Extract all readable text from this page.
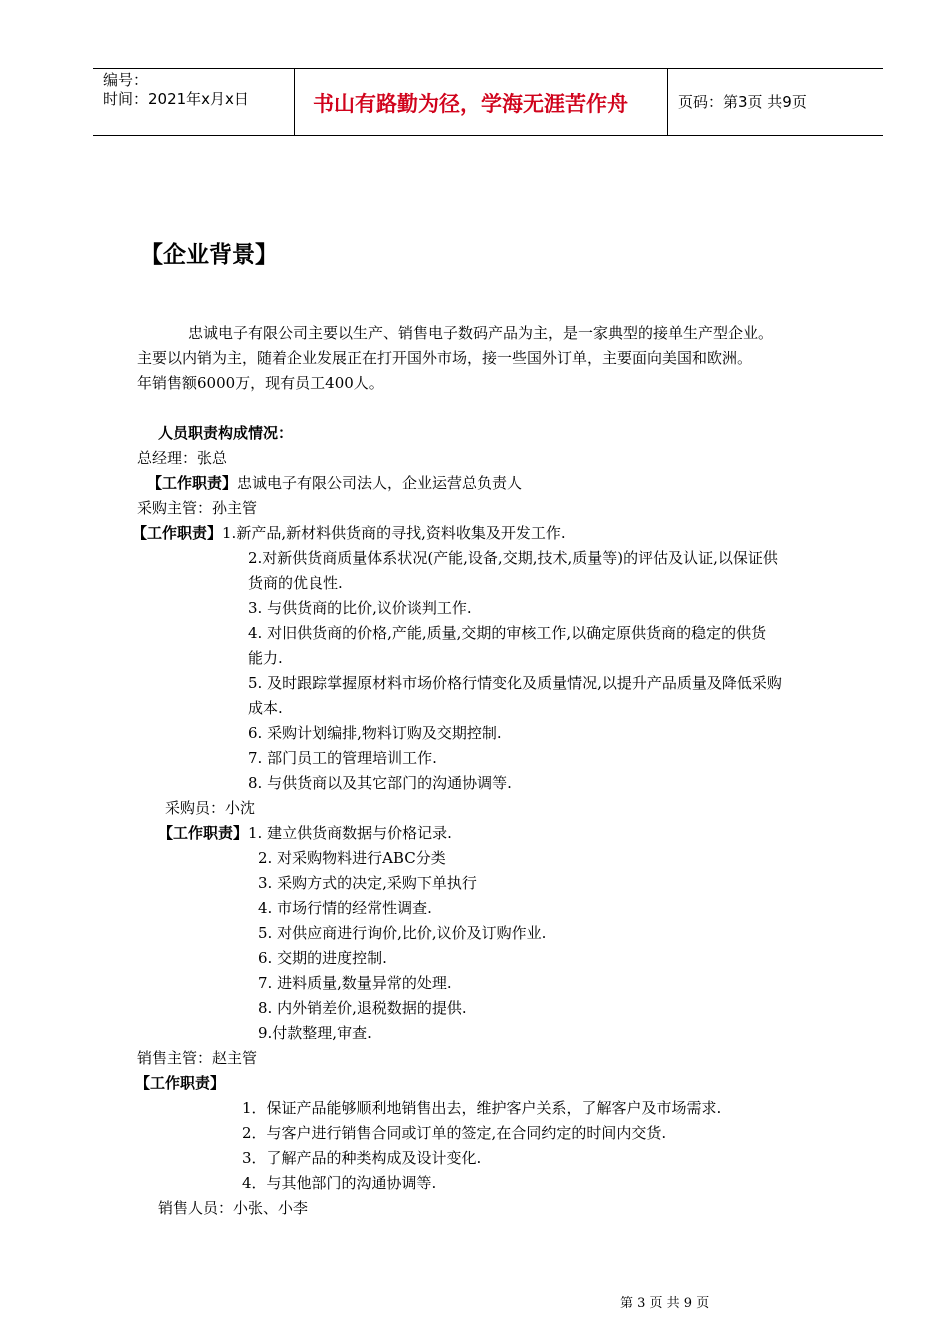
编号：
时间：2021年x月x日	书山有路勤为径，学海无涯苦作舟	页码：第3页 共9页
【企业背景】
忠诚电子有限公司主要以生产、销售电子数码产品为主，是一家典型的接单生产型企业。
主要以内销为主，随着企业发展正在打开国外市场，接一些国外订单，主要面向美国和欧洲。
年销售额6000万，现有员工400人。
人员职责构成情况：
总经理：张总
【工作职责】忠诚电子有限公司法人，企业运营总负责人
采购主管：孙主管
【工作职责】1.新产品,新材料供货商的寻找,资料收集及开发工作.
2.对新供货商质量体系状况(产能,设备,交期,技术,质量等)的评估及认证,以保证供
货商的优良性.
3. 与供货商的比价,议价谈判工作.
4. 对旧供货商的价格,产能,质量,交期的审核工作,以确定原供货商的稳定的供货
能力.
5. 及时跟踪掌握原材料市场价格行情变化及质量情况,以提升产品质量及降低采购
成本.
6. 采购计划编排,物料订购及交期控制.
7. 部门员工的管理培训工作.
8. 与供货商以及其它部门的沟通协调等.
采购员：小沈
【工作职责】1. 建立供货商数据与价格记录.
2. 对采购物料进行ABC分类
3. 采购方式的决定,采购下单执行
4. 市场行情的经常性调查.
5. 对供应商进行询价,比价,议价及订购作业.
6. 交期的进度控制.
7. 进料质量,数量异常的处理.
8. 内外销差价,退税数据的提供.
9.付款整理,审查.
销售主管：赵主管
【工作职责】
1．保证产品能够顺利地销售出去，维护客户关系，了解客户及市场需求.
2．与客户进行销售合同或订单的签定,在合同约定的时间内交货.
3．了解产品的种类构成及设计变化.
4．与其他部门的沟通协调等.
销售人员：小张、小李
第 3 页 共 9 页
